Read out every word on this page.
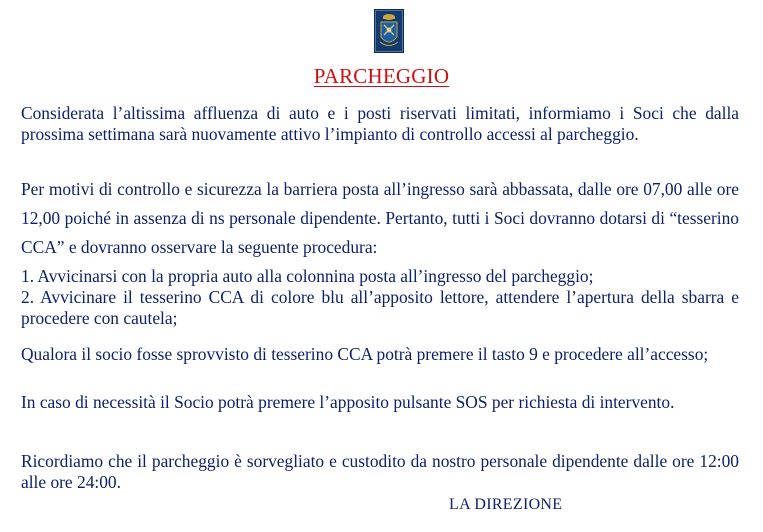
PARCHEGGIO

Considerata l’altissima affluenza di auto e i posti riservati limitati, informiamo i Soci che dalla prossima settimana sarà nuovamente attivo l’impianto di controllo accessi al parcheggio.

Per motivi di controllo e sicurezza la barriera posta all’ingresso sarà abbassata, dalle ore 07,00 alle ore 12,00 poiché in assenza di ns personale dipendente. Pertanto, tutti i Soci dovranno dotarsi di “tesserino CCA” e dovranno osservare la seguente procedura:

1. Avvicinarsi con la propria auto alla colonnina posta all’ingresso del parcheggio;
2. Avvicinare il tesserino CCA di colore blu all’apposito lettore, attendere l’apertura della sbarra e procedere con cautela;

Qualora il socio fosse sprovvisto di tesserino CCA potrà premere il tasto 9 e procedere all’accesso;

In caso di necessità il Socio potrà premere l’apposito pulsante SOS per richiesta di intervento.

Ricordiamo che il parcheggio è sorvegliato e custodito da nostro personale dipendente dalle ore 12:00 alle ore 24:00.

LA DIREZIONE
